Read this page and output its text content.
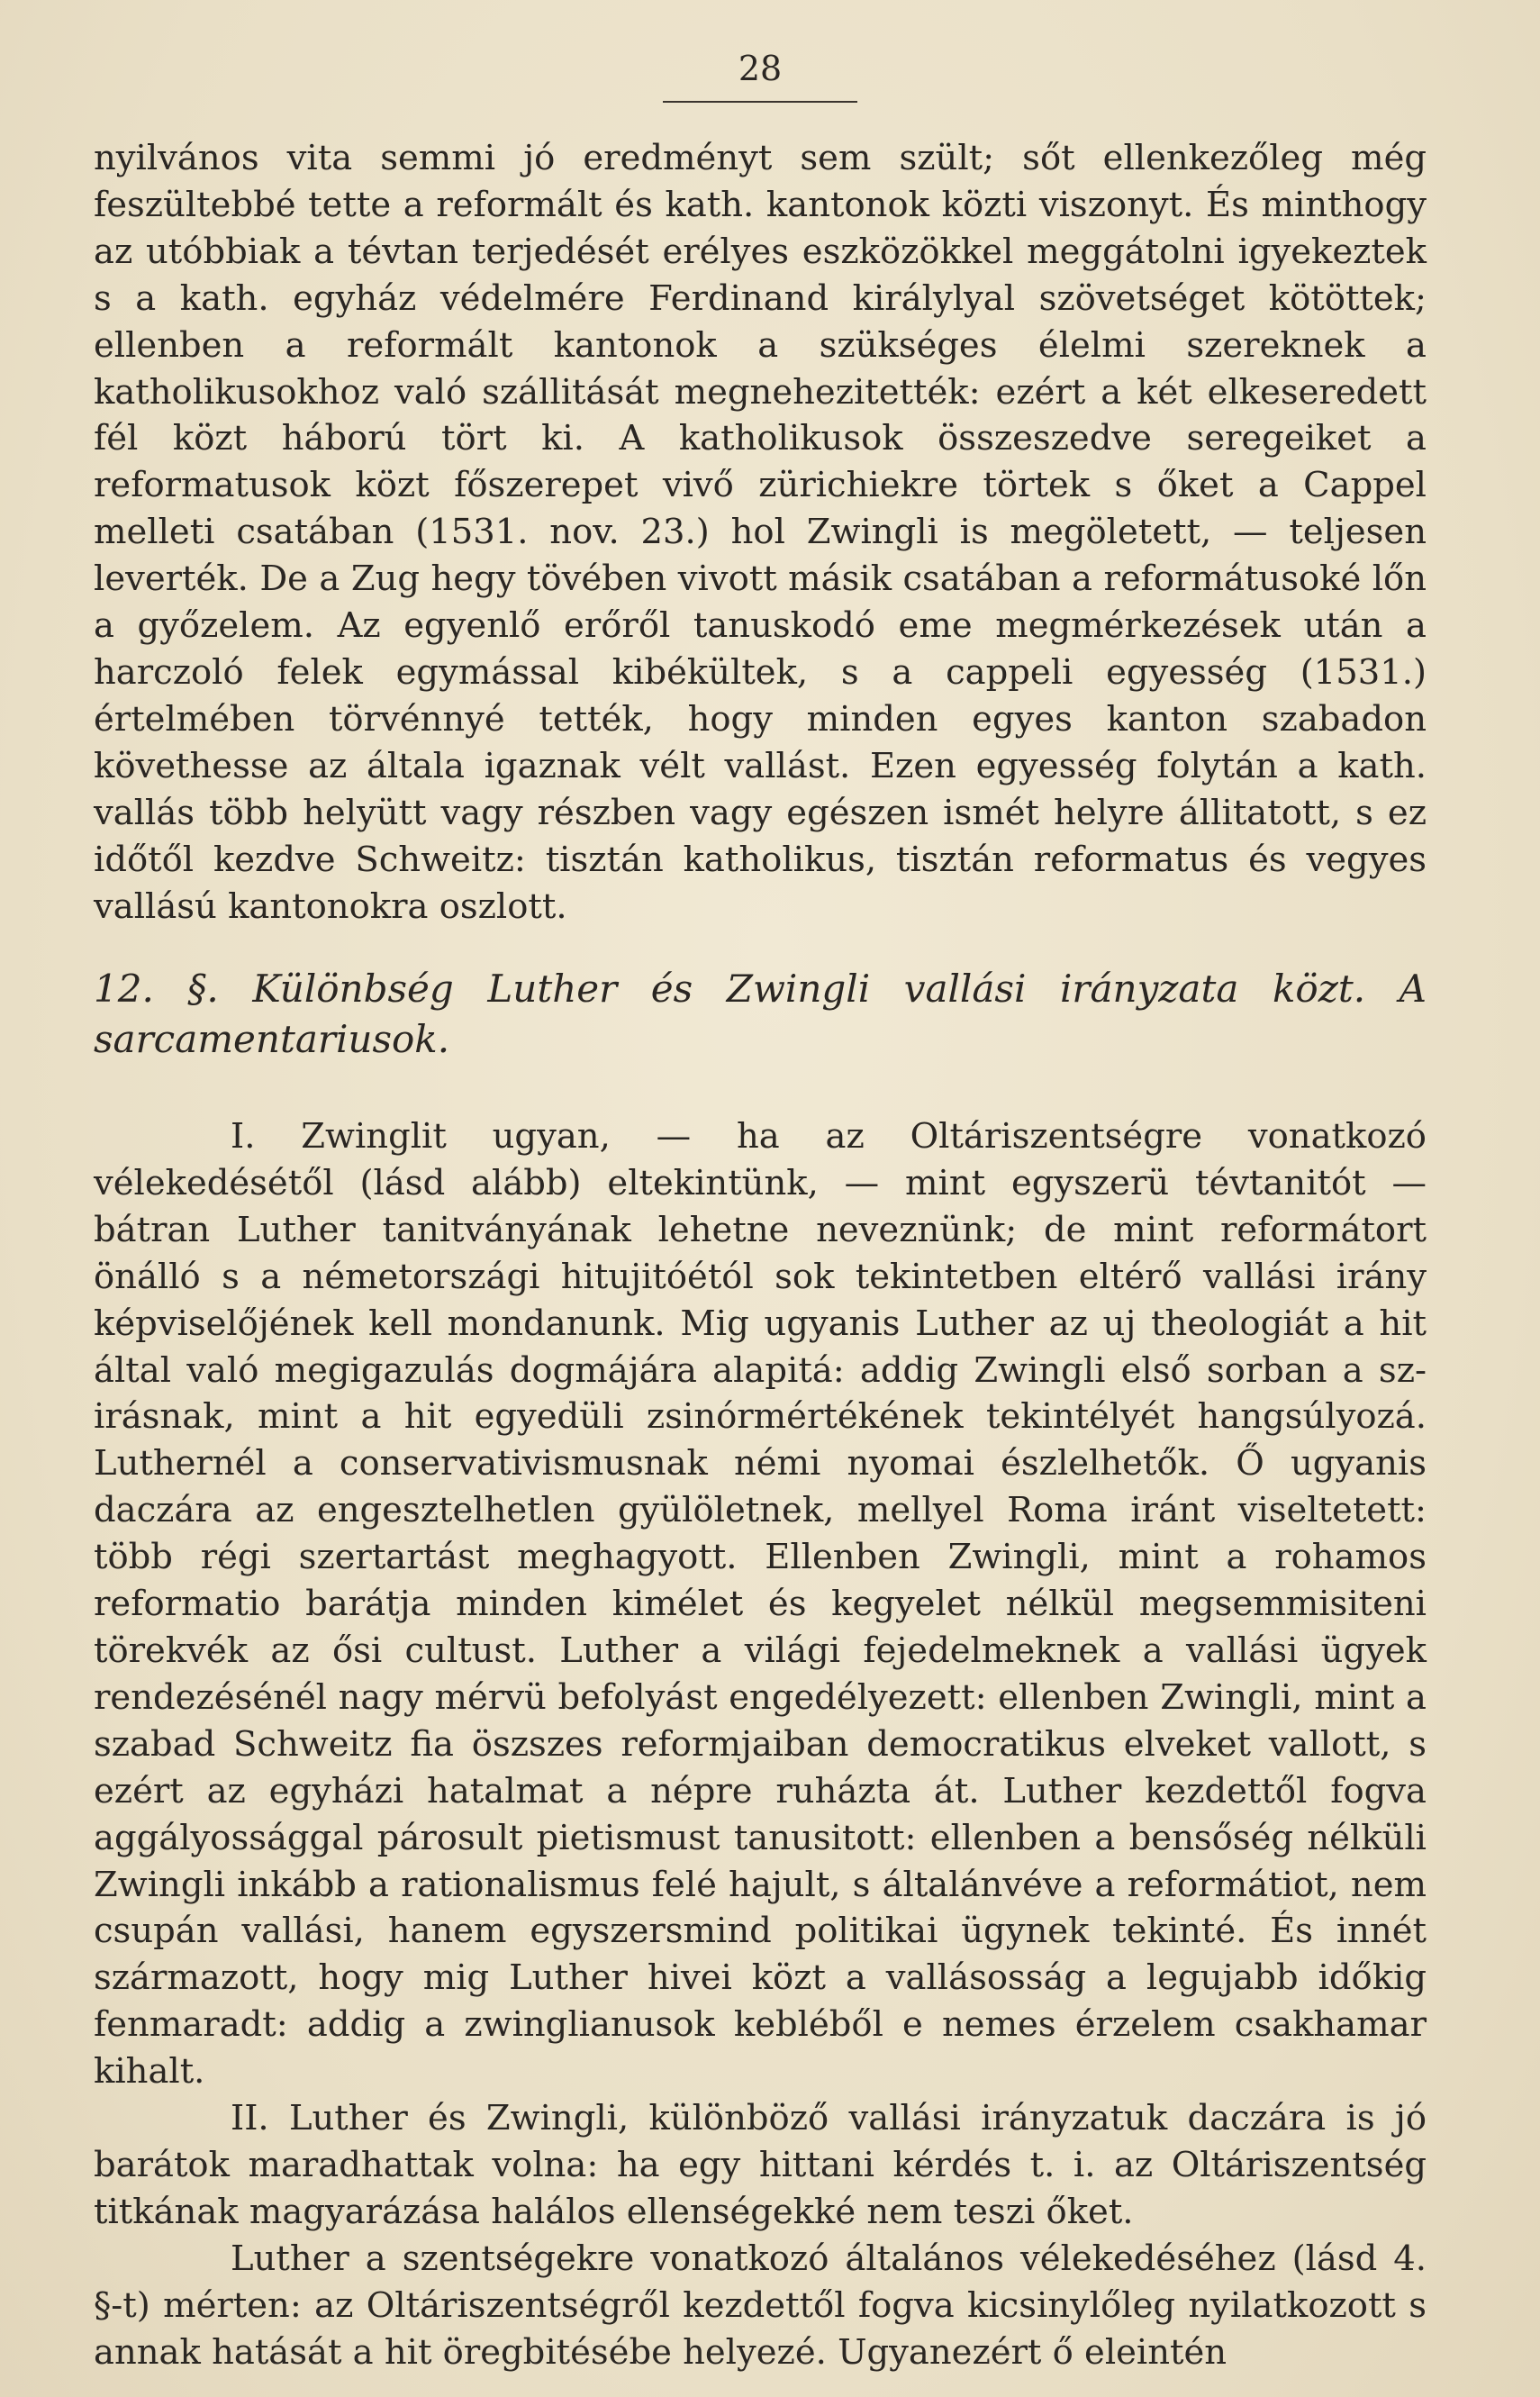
28

nyilvános vita semmi jó eredményt sem szült; sőt ellenkezőleg még feszültebbé tette a reformált és kath. kantonok közti viszonyt. És minthogy az utóbbiak a tévtan terjedését erélyes eszközökkel meggátolni igyekeztek s a kath. egyház védelmére Ferdinand királylyal szövetséget kötöttek; ellenben a reformált kantonok a szükséges élelmi szereknek a katholikusokhoz való szállitását megnehezitették: ezért a két elkeseredett fél közt háború tört ki. A katholikusok összeszedve seregeiket a reformatusok közt főszerepet vivő zürichiekre törtek s őket a Cappel melleti csatában (1531. nov. 23.) hol Zwingli is megöletett, — teljesen leverték. De a Zug hegy tövében vivott másik csatában a reformátusoké lőn a győzelem. Az egyenlő erőről tanuskodó eme megmérkezések után a harczoló felek egymással kibékültek, s a cappeli egyesség (1531.) értelmében törvénnyé tették, hogy minden egyes kanton szabadon követhesse az általa igaznak vélt vallást. Ezen egyesség folytán a kath. vallás több helyütt vagy részben vagy egészen ismét helyre állitatott, s ez időtől kezdve Schweitz: tisztán katholikus, tisztán reformatus és vegyes vallású kantonokra oszlott.

12. §. Különbség Luther és Zwingli vallási irányzata közt. A sarcamentariusok.

I. Zwinglit ugyan, — ha az Oltáriszentségre vonatkozó vélekedésétől (lásd alább) eltekintünk, — mint egyszerü tévtanitót — bátran Luther tanitványának lehetne neveznünk; de mint reformátort önálló s a németországi hitujitóétól sok tekintetben eltérő vallási irány képviselőjének kell mondanunk. Mig ugyanis Luther az uj theologiát a hit által való megigazulás dogmájára alapitá: addig Zwingli első sorban a sz-irásnak, mint a hit egyedüli zsinórmértékének tekintélyét hangsúlyozá. Luthernél a conservativismusnak némi nyomai észlelhetők. Ő ugyanis daczára az engesztelhetlen gyülöletnek, mellyel Roma iránt viseltetett: több régi szertartást meghagyott. Ellenben Zwingli, mint a rohamos reformatio barátja minden kimélet és kegyelet nélkül megsemmisiteni törekvék az ősi cultust. Luther a világi fejedelmeknek a vallási ügyek rendezésénél nagy mérvü befolyást engedélyezett: ellenben Zwingli, mint a szabad Schweitz fia öszszes reformjaiban democratikus elveket vallott, s ezért az egyházi hatalmat a népre ruházta át. Luther kezdettől fogva aggályossággal párosult pietismust tanusitott: ellenben a bensőség nélküli Zwingli inkább a rationalismus felé hajult, s általánvéve a reformátiot, nem csupán vallási, hanem egyszersmind politikai ügynek tekinté. És innét származott, hogy mig Luther hivei közt a vallásosság a legujabb időkig fenmaradt: addig a zwinglianusok kebléből e nemes érzelem csakhamar kihalt.

II. Luther és Zwingli, különböző vallási irányzatuk daczára is jó barátok maradhattak volna: ha egy hittani kérdés t. i. az Oltáriszentség titkának magyarázása halálos ellenségekké nem teszi őket.

Luther a szentségekre vonatkozó általános vélekedéséhez (lásd 4. §-t) mérten: az Oltáriszentségről kezdettől fogva kicsinylőleg nyilatkozott s annak hatását a hit öregbitésébe helyezé. Ugyanezért ő eleintén
